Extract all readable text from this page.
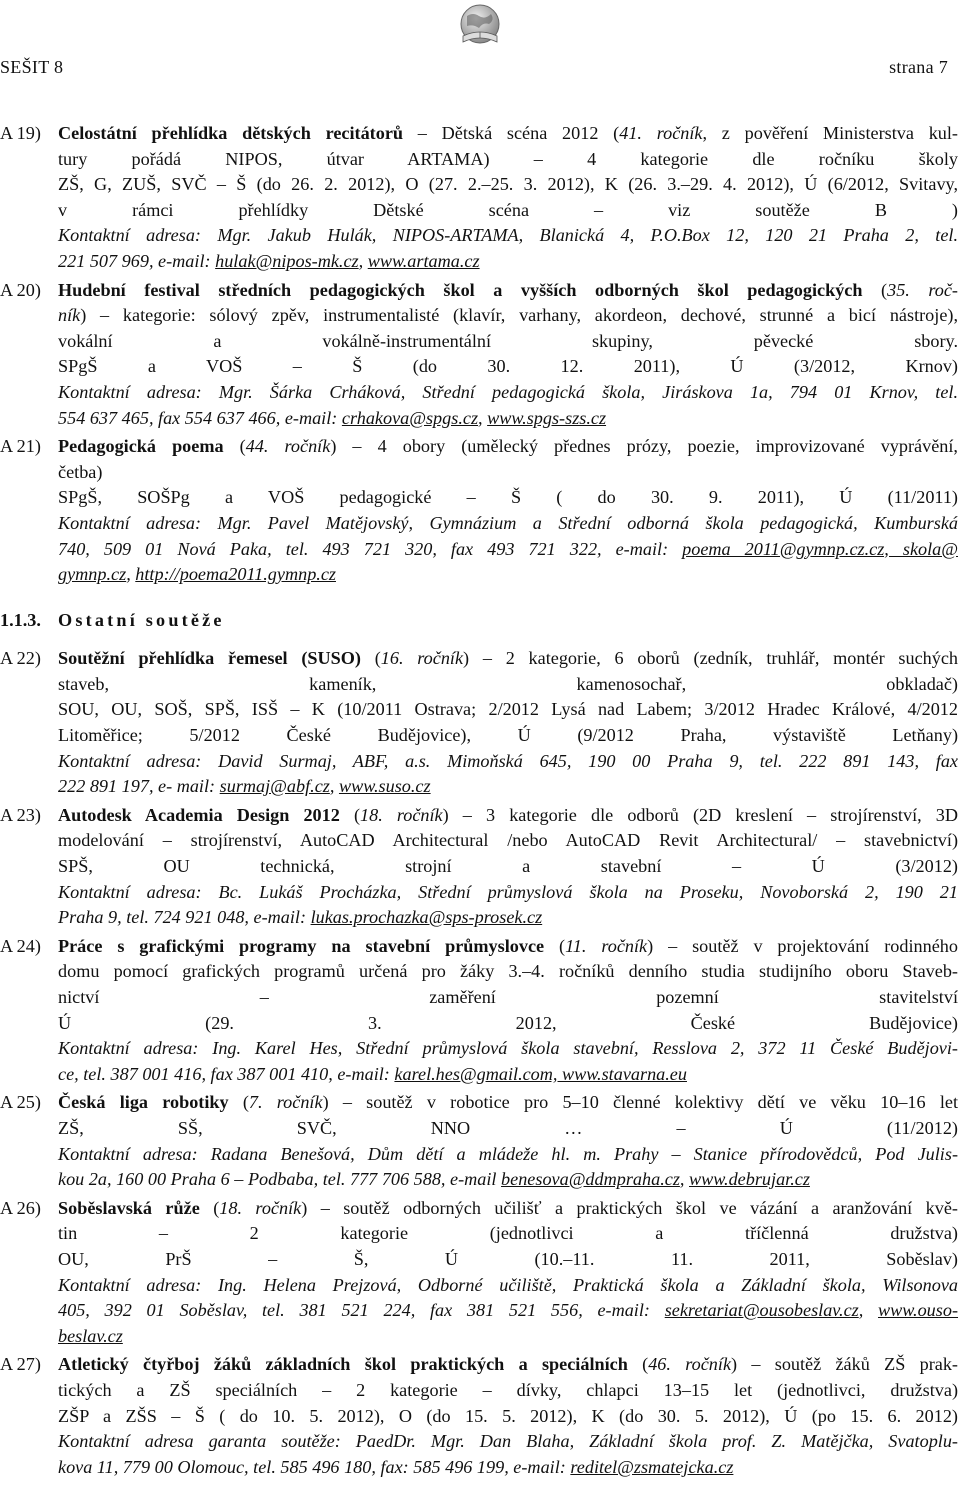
SEŠIT 8	strana 7
A 19) Celostátní přehlídka dětských recitátorů – Dětská scéna 2012 (41. ročník, z pověření Ministerstva kul-
tury pořádá NIPOS, útvar ARTAMA) – 4 kategorie dle ročníku školy
ZŠ, G, ZUŠ, SVČ – Š (do 26. 2. 2012), O (27. 2.–25. 3. 2012), K (26. 3.–29. 4. 2012), Ú (6/2012, Svitavy,
v rámci přehlídky Dětské scéna – viz soutěže B )
Kontaktní adresa: Mgr. Jakub Hulák, NIPOS-ARTAMA, Blanická 4, P.O.Box 12, 120 21 Praha 2, tel.
221 507 969, e-mail: hulak@nipos-mk.cz, www.artama.cz
A 20) Hudební festival středních pedagogických škol a vyšších odborných škol pedagogických (35. roč-
ník) – kategorie: sólový zpěv, instrumentalisté (klavír, varhany, akordeon, dechové, strunné a bicí nástroje),
vokální a vokálně-instrumentální skupiny, pěvecké sbory.
SPgŠ a VOŠ – Š (do 30. 12. 2011), Ú (3/2012, Krnov)
Kontaktní adresa: Mgr. Šárka Crháková, Střední pedagogická škola, Jiráskova 1a, 794 01 Krnov, tel.
554 637 465, fax 554 637 466, e-mail: crhakova@spgs.cz, www.spgs-szs.cz
A 21) Pedagogická poema (44. ročník) – 4 obory (umělecký přednes prózy, poezie, improvizované vyprávění,
četba)
SPgŠ, SOŠPg a VOŠ pedagogické – Š ( do 30. 9. 2011), Ú (11/2011)
Kontaktní adresa: Mgr. Pavel Matějovský, Gymnázium a Střední odborná škola pedagogická, Kumburská
740, 509 01 Nová Paka, tel. 493 721 320, fax 493 721 322, e-mail: poema 2011@gymnp.cz.cz, skola@
gymnp.cz, http://poema2011.gymnp.cz
1.1.3. Ostatní soutěže
A 22) Soutěžní přehlídka řemesel (SUSO) (16. ročník) – 2 kategorie, 6 oborů (zedník, truhlář, montér suchých
staveb, kameník, kamenosochař, obkladač)
SOU, OU, SOŠ, SPŠ, ISŠ – K (10/2011 Ostrava; 2/2012 Lysá nad Labem; 3/2012 Hradec Králové, 4/2012
Litoměřice; 5/2012 České Budějovice), Ú (9/2012 Praha, výstaviště Letňany)
Kontaktní adresa: David Surmaj, ABF, a.s. Mimoňská 645, 190 00 Praha 9, tel. 222 891 143, fax
222 891 197, e- mail: surmaj@abf.cz, www.suso.cz
A 23) Autodesk Academia Design 2012 (18. ročník) – 3 kategorie dle odborů (2D kreslení – strojírenství, 3D
modelování – strojírenství, AutoCAD Architectural /nebo AutoCAD Revit Architectural/ – stavebnictví)
SPŠ, OU technická, strojní a stavební – Ú (3/2012)
Kontaktní adresa: Bc. Lukáš Procházka, Střední průmyslová škola na Proseku, Novoborská 2, 190 21
Praha 9, tel. 724 921 048, e-mail: lukas.prochazka@sps-prosek.cz
A 24) Práce s grafickými programy na stavební průmyslovce (11. ročník) – soutěž v projektování rodinného
domu pomocí grafických programů určená pro žáky 3.–4. ročníků denního studia studijního oboru Staveb-
nictví – zaměření pozemní stavitelství
Ú (29. 3. 2012, České Budějovice)
Kontaktní adresa: Ing. Karel Hes, Střední průmyslová škola stavební, Resslova 2, 372 11 České Budějovi-
ce, tel. 387 001 416, fax 387 001 410, e-mail: karel.hes@gmail.com, www.stavarna.eu
A 25) Česká liga robotiky (7. ročník) – soutěž v robotice pro 5–10 členné kolektivy dětí ve věku 10–16 let
ZŠ, SŠ, SVČ, NNO … – Ú (11/2012)
Kontaktní adresa: Radana Benešová, Dům dětí a mládeže hl. m. Prahy – Stanice přírodovědců, Pod Julis-
kou 2a, 160 00 Praha 6 – Podbaba, tel. 777 706 588, e-mail benesova@ddmpraha.cz, www.debrujar.cz
A 26) Soběslavská růže (18. ročník) – soutěž odborných učilišť a praktických škol ve vázání a aranžování kvě-
tin – 2 kategorie (jednotlivci a tříčlenná družstva)
OU, PrŠ – Š, Ú (10.–11. 11. 2011, Soběslav)
Kontaktní adresa: Ing. Helena Prejzová, Odborné učiliště, Praktická škola a Základní škola, Wilsonova
405, 392 01 Soběslav, tel. 381 521 224, fax 381 521 556, e-mail: sekretariat@ousobeslav.cz, www.ouso-
beslav.cz
A 27) Atletický čtyřboj žáků základních škol praktických a speciálních (46. ročník) – soutěž žáků ZŠ prak-
tických a ZŠ speciálních – 2 kategorie – dívky, chlapci 13–15 let (jednotlivci, družstva)
ZŠP a ZŠS – Š ( do 10. 5. 2012), O (do 15. 5. 2012), K (do 30. 5. 2012), Ú (po 15. 6. 2012)
Kontaktní adresa garanta soutěže: PaedDr. Mgr. Dan Blaha, Základní škola prof. Z. Matějčka, Svatoplu-
kova 11, 779 00 Olomouc, tel. 585 496 180, fax: 585 496 199, e-mail: reditel@zsmatejcka.cz
